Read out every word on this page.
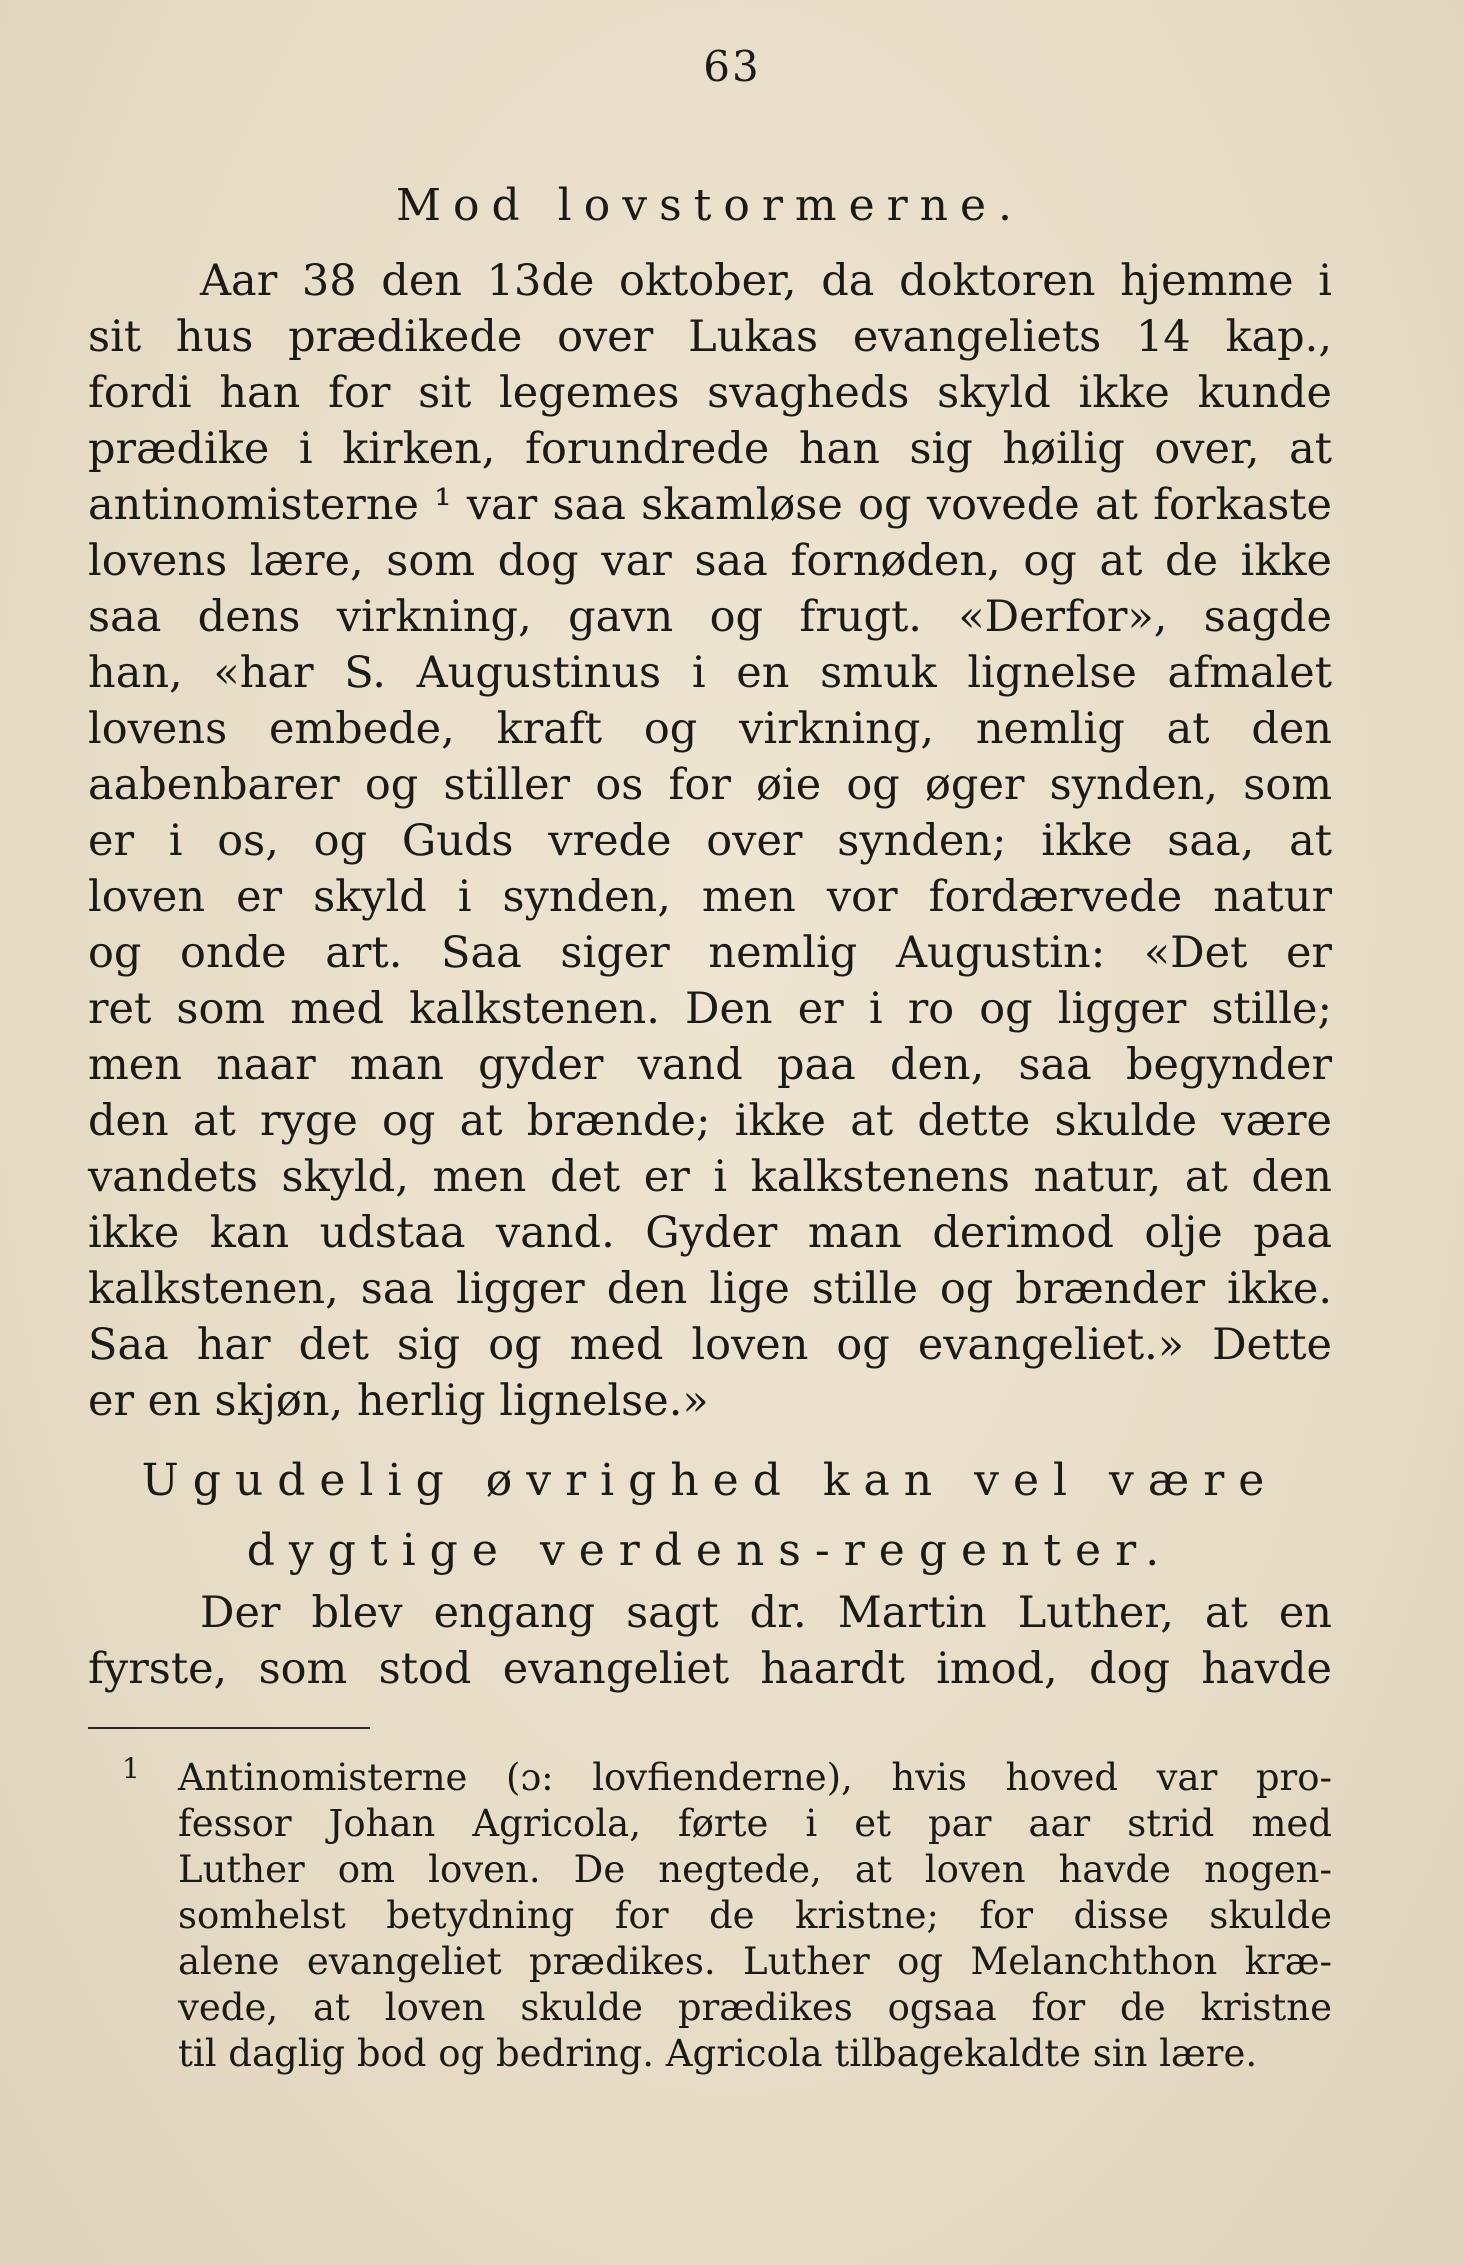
63
Mod lovstormerne.
Aar 38 den 13de oktober, da doktoren hjemme i
sit hus prædikede over Lukas evangeliets 14 kap.,
fordi han for sit legemes svagheds skyld ikke kunde
prædike i kirken, forundrede han sig høilig over, at
antinomisterne ¹ var saa skamløse og vovede at forkaste
lovens lære, som dog var saa fornøden, og at de ikke
saa dens virkning, gavn og frugt. «Derfor», sagde
han, «har S. Augustinus i en smuk lignelse afmalet
lovens embede, kraft og virkning, nemlig at den
aabenbarer og stiller os for øie og øger synden, som
er i os, og Guds vrede over synden; ikke saa, at
loven er skyld i synden, men vor fordærvede natur
og onde art. Saa siger nemlig Augustin: «Det er
ret som med kalkstenen. Den er i ro og ligger stille;
men naar man gyder vand paa den, saa begynder
den at ryge og at brænde; ikke at dette skulde være
vandets skyld, men det er i kalkstenens natur, at den
ikke kan udstaa vand. Gyder man derimod olje paa
kalkstenen, saa ligger den lige stille og brænder ikke.
Saa har det sig og med loven og evangeliet.» Dette
er en skjøn, herlig lignelse.»
Ugudelig øvrighed kan vel være
dygtige verdens-regenter.
Der blev engang sagt dr. Martin Luther, at en
fyrste, som stod evangeliet haardt imod, dog havde
1 Antinomisterne (ɔ: lovfienderne), hvis hoved var pro-
fessor Johan Agricola, førte i et par aar strid med
Luther om loven. De negtede, at loven havde nogen-
somhelst betydning for de kristne; for disse skulde
alene evangeliet prædikes. Luther og Melanchthon kræ-
vede, at loven skulde prædikes ogsaa for de kristne
til daglig bod og bedring. Agricola tilbagekaldte sin lære.
